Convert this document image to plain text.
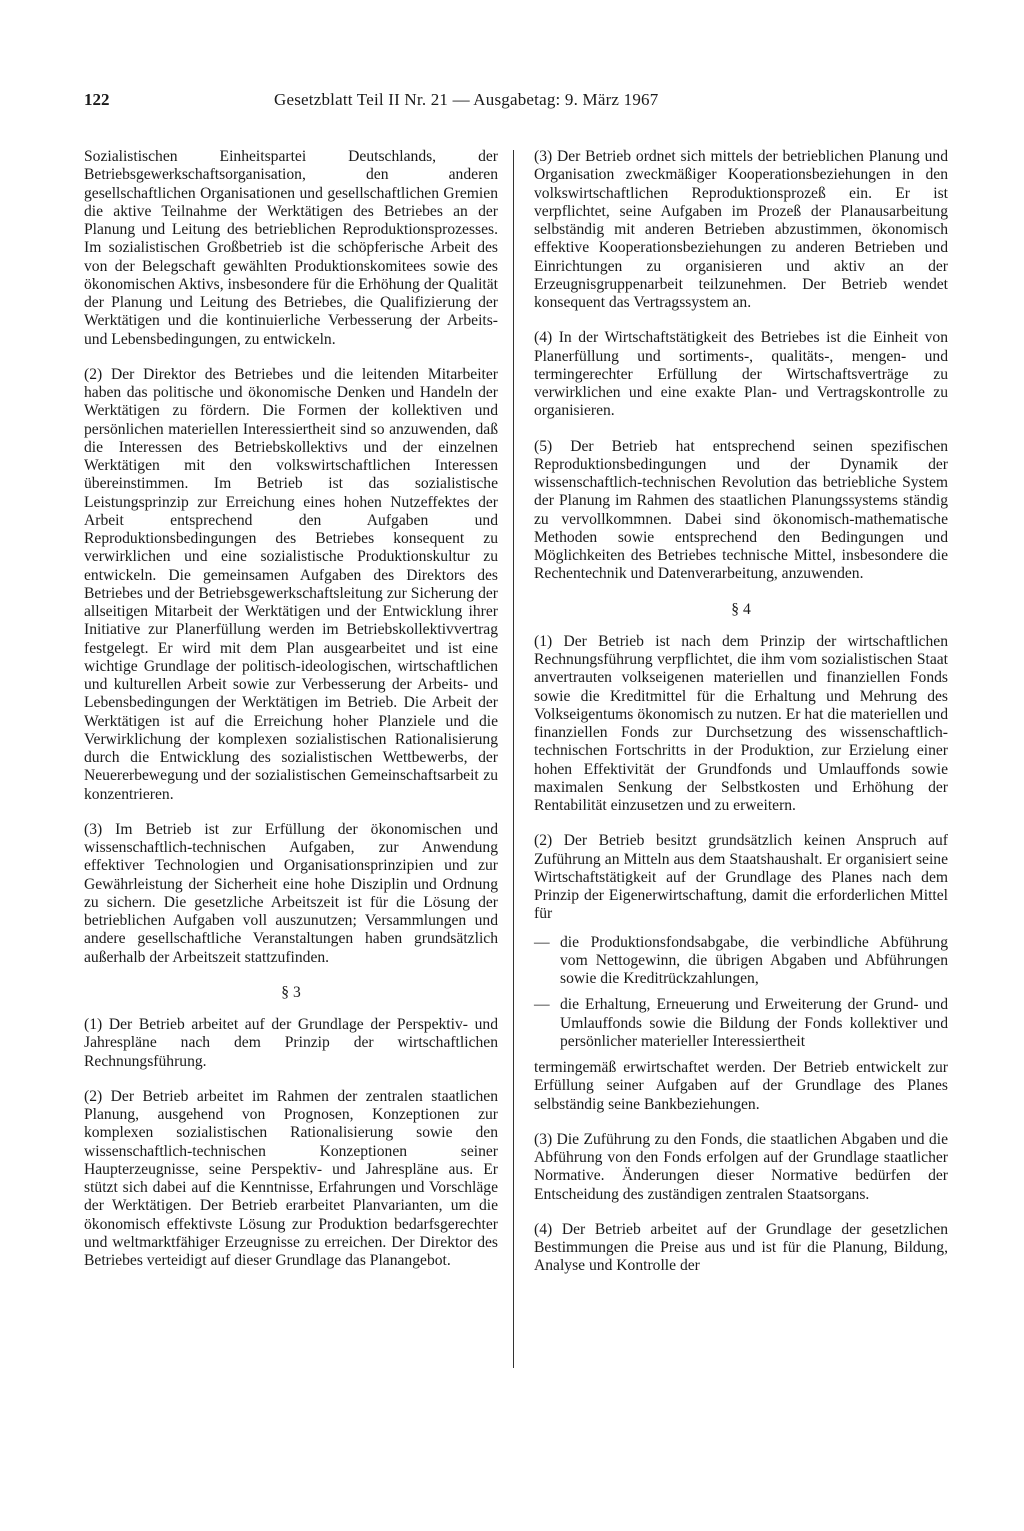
122	Gesetzblatt Teil II Nr. 21 — Ausgabetag: 9. März 1967

Sozialistischen Einheitspartei Deutschlands, der Betriebsgewerkschaftsorganisation, den anderen gesellschaftlichen Organisationen und gesellschaftlichen Gremien die aktive Teilnahme der Werktätigen des Betriebes an der Planung und Leitung des betrieblichen Reproduktionsprozesses. Im sozialistischen Großbetrieb ist die schöpferische Arbeit des von der Belegschaft gewählten Produktionskomitees sowie des ökonomischen Aktivs, insbesondere für die Erhöhung der Qualität der Planung und Leitung des Betriebes, die Qualifizierung der Werktätigen und die kontinuierliche Verbesserung der Arbeits- und Lebensbedingungen, zu entwickeln.

(2) Der Direktor des Betriebes und die leitenden Mitarbeiter haben das politische und ökonomische Denken und Handeln der Werktätigen zu fördern. Die Formen der kollektiven und persönlichen materiellen Interessiertheit sind so anzuwenden, daß die Interessen des Betriebskollektivs und der einzelnen Werktätigen mit den volkswirtschaftlichen Interessen übereinstimmen. Im Betrieb ist das sozialistische Leistungsprinzip zur Erreichung eines hohen Nutzeffektes der Arbeit entsprechend den Aufgaben und Reproduktionsbedingungen des Betriebes konsequent zu verwirklichen und eine sozialistische Produktionskultur zu entwickeln. Die gemeinsamen Aufgaben des Direktors des Betriebes und der Betriebsgewerkschaftsleitung zur Sicherung der allseitigen Mitarbeit der Werktätigen und der Entwicklung ihrer Initiative zur Planerfüllung werden im Betriebskollektivvertrag festgelegt. Er wird mit dem Plan ausgearbeitet und ist eine wichtige Grundlage der politisch-ideologischen, wirtschaftlichen und kulturellen Arbeit sowie zur Verbesserung der Arbeits- und Lebensbedingungen der Werktätigen im Betrieb. Die Arbeit der Werktätigen ist auf die Erreichung hoher Planziele und die Verwirklichung der komplexen sozialistischen Rationalisierung durch die Entwicklung des sozialistischen Wettbewerbs, der Neuererbewegung und der sozialistischen Gemeinschaftsarbeit zu konzentrieren.

(3) Im Betrieb ist zur Erfüllung der ökonomischen und wissenschaftlich-technischen Aufgaben, zur Anwendung effektiver Technologien und Organisationsprinzipien und zur Gewährleistung der Sicherheit eine hohe Disziplin und Ordnung zu sichern. Die gesetzliche Arbeitszeit ist für die Lösung der betrieblichen Aufgaben voll auszunutzen; Versammlungen und andere gesellschaftliche Veranstaltungen haben grundsätzlich außerhalb der Arbeitszeit stattzufinden.

§ 3

(1) Der Betrieb arbeitet auf der Grundlage der Perspektiv- und Jahrespläne nach dem Prinzip der wirtschaftlichen Rechnungsführung.

(2) Der Betrieb arbeitet im Rahmen der zentralen staatlichen Planung, ausgehend von Prognosen, Konzeptionen zur komplexen sozialistischen Rationalisierung sowie den wissenschaftlich-technischen Konzeptionen seiner Haupterzeugnisse, seine Perspektiv- und Jahrespläne aus. Er stützt sich dabei auf die Kenntnisse, Erfahrungen und Vorschläge der Werktätigen. Der Betrieb erarbeitet Planvarianten, um die ökonomisch effektivste Lösung zur Produktion bedarfsgerechter und weltmarktfähiger Erzeugnisse zu erreichen. Der Direktor des Betriebes verteidigt auf dieser Grundlage das Planangebot.

(3) Der Betrieb ordnet sich mittels der betrieblichen Planung und Organisation zweckmäßiger Kooperationsbeziehungen in den volkswirtschaftlichen Reproduktionsprozeß ein. Er ist verpflichtet, seine Aufgaben im Prozeß der Planausarbeitung selbständig mit anderen Betrieben abzustimmen, ökonomisch effektive Kooperationsbeziehungen zu anderen Betrieben und Einrichtungen zu organisieren und aktiv an der Erzeugnisgruppenarbeit teilzunehmen. Der Betrieb wendet konsequent das Vertragssystem an.

(4) In der Wirtschaftstätigkeit des Betriebes ist die Einheit von Planerfüllung und sortiments-, qualitäts-, mengen- und termingerechter Erfüllung der Wirtschaftsverträge zu verwirklichen und eine exakte Plan- und Vertragskontrolle zu organisieren.

(5) Der Betrieb hat entsprechend seinen spezifischen Reproduktionsbedingungen und der Dynamik der wissenschaftlich-technischen Revolution das betriebliche System der Planung im Rahmen des staatlichen Planungssystems ständig zu vervollkommnen. Dabei sind ökonomisch-mathematische Methoden sowie entsprechend den Bedingungen und Möglichkeiten des Betriebes technische Mittel, insbesondere die Rechentechnik und Datenverarbeitung, anzuwenden.

§ 4

(1) Der Betrieb ist nach dem Prinzip der wirtschaftlichen Rechnungsführung verpflichtet, die ihm vom sozialistischen Staat anvertrauten volkseigenen materiellen und finanziellen Fonds sowie die Kreditmittel für die Erhaltung und Mehrung des Volkseigentums ökonomisch zu nutzen. Er hat die materiellen und finanziellen Fonds zur Durchsetzung des wissenschaftlich-technischen Fortschritts in der Produktion, zur Erzielung einer hohen Effektivität der Grundfonds und Umlauffonds sowie maximalen Senkung der Selbstkosten und Erhöhung der Rentabilität einzusetzen und zu erweitern.

(2) Der Betrieb besitzt grundsätzlich keinen Anspruch auf Zuführung an Mitteln aus dem Staatshaushalt. Er organisiert seine Wirtschaftstätigkeit auf der Grundlage des Planes nach dem Prinzip der Eigenerwirtschaftung, damit die erforderlichen Mittel für

— die Produktionsfondsabgabe, die verbindliche Abführung vom Nettogewinn, die übrigen Abgaben und Abführungen sowie die Kreditrückzahlungen,
— die Erhaltung, Erneuerung und Erweiterung der Grund- und Umlauffonds sowie die Bildung der Fonds kollektiver und persönlicher materieller Interessiertheit

termingemäß erwirtschaftet werden. Der Betrieb entwickelt zur Erfüllung seiner Aufgaben auf der Grundlage des Planes selbständig seine Bankbeziehungen.

(3) Die Zuführung zu den Fonds, die staatlichen Abgaben und die Abführung von den Fonds erfolgen auf der Grundlage staatlicher Normative. Änderungen dieser Normative bedürfen der Entscheidung des zuständigen zentralen Staatsorgans.

(4) Der Betrieb arbeitet auf der Grundlage der gesetzlichen Bestimmungen die Preise aus und ist für die Planung, Bildung, Analyse und Kontrolle der
